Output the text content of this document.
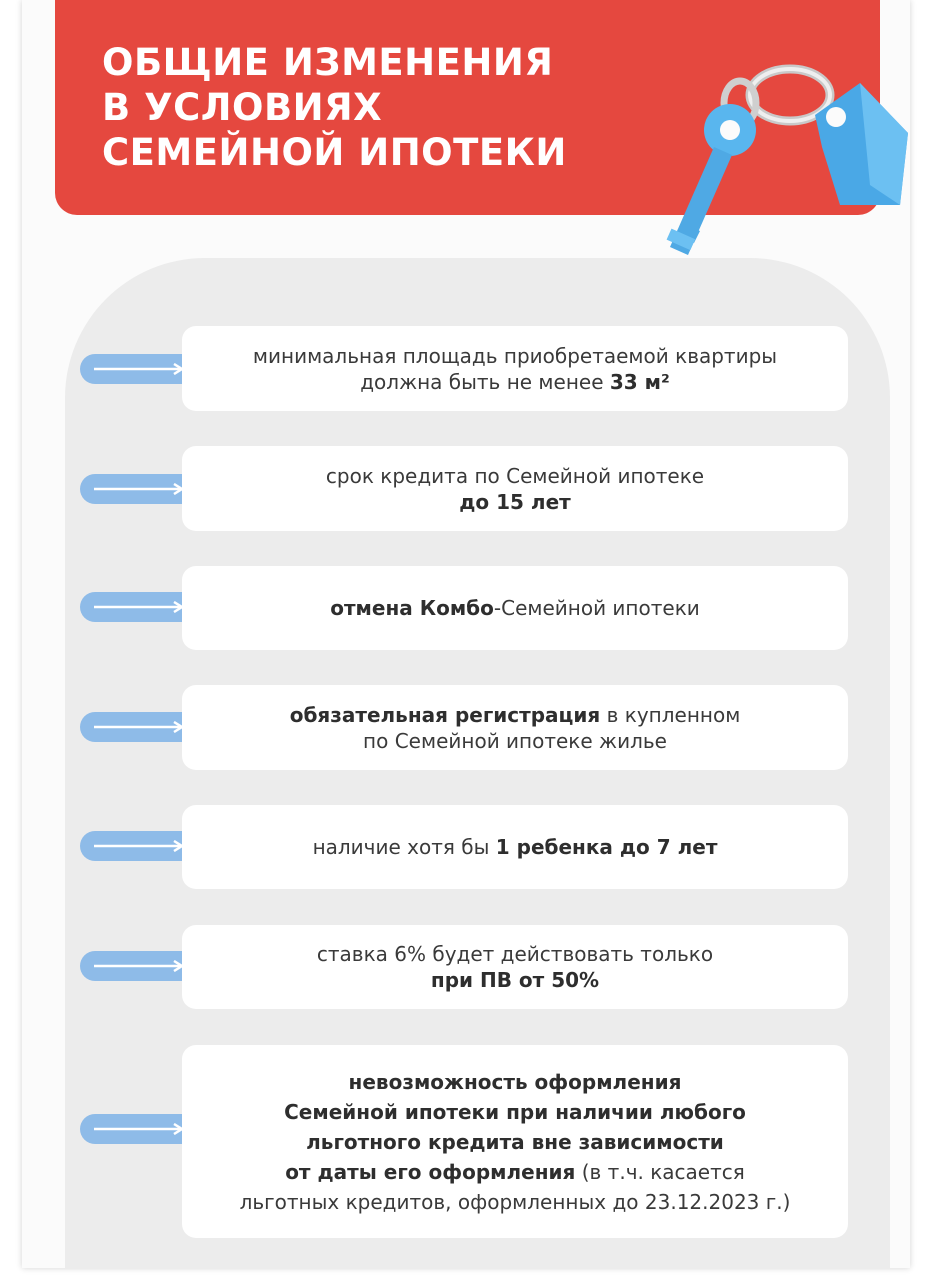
ОБЩИЕ ИЗМЕНЕНИЯ
В УСЛОВИЯХ
СЕМЕЙНОЙ ИПОТЕКИ
минимальная площадь приобретаемой квартиры
должна быть не менее 33 м²
срок кредита по Семейной ипотеке
до 15 лет
отмена Комбо-Семейной ипотеки
обязательная регистрация в купленном
по Семейной ипотеке жилье
наличие хотя бы 1 ребенка до 7 лет
ставка 6% будет действовать только
при ПВ от 50%
невозможность оформления
Семейной ипотеки при наличии любого
льготного кредита вне зависимости
от даты его оформления (в т.ч. касается
льготных кредитов, оформленных до 23.12.2023 г.)
